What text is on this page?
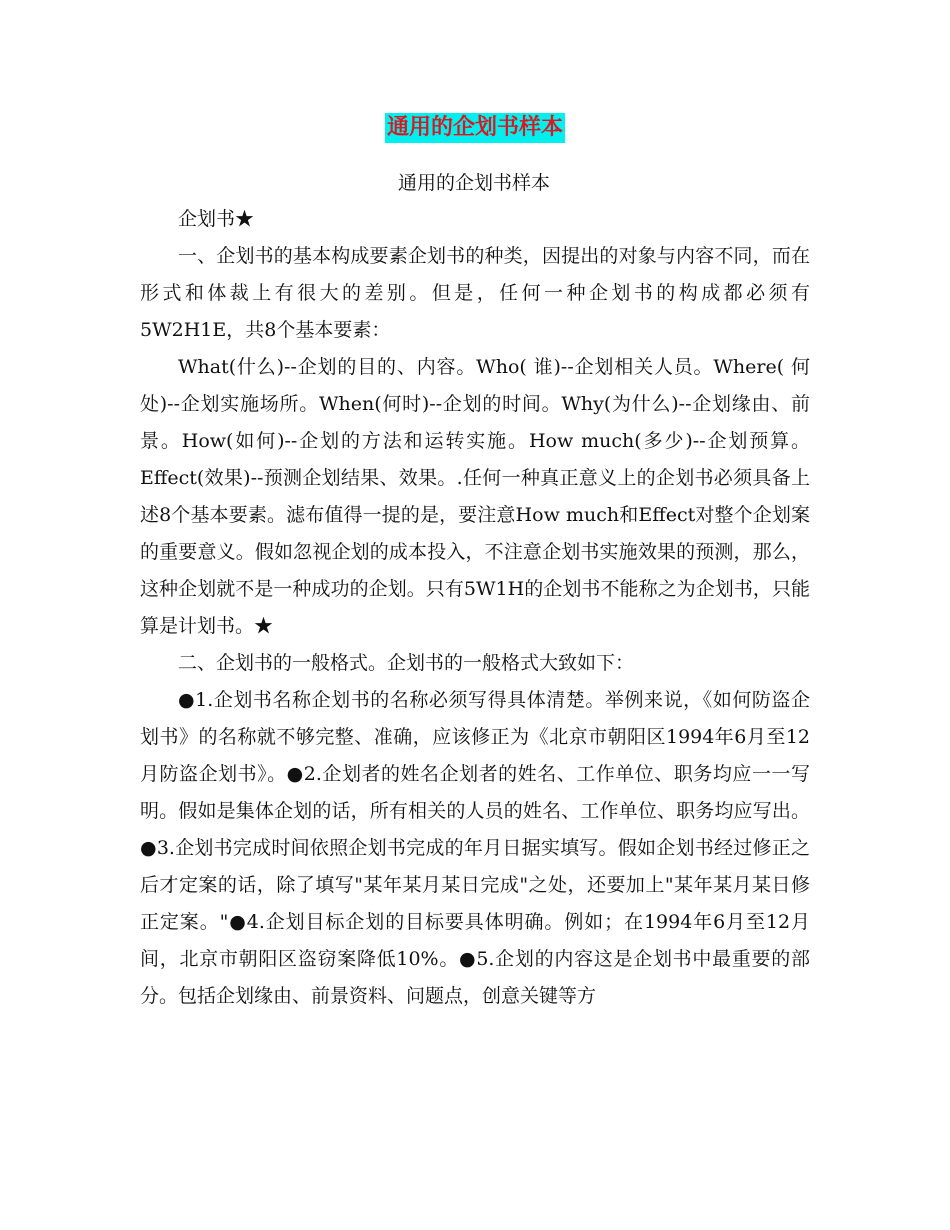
通用的企划书样本
通用的企划书样本

企划书★

一、企划书的基本构成要素企划书的种类，因提出的对象与内容不同，而在形式和体裁上有很大的差别。但是，任何一种企划书的构成都必须有5W2H1E，共8个基本要素：

What(什么)--企划的目的、内容。Who( 谁)--企划相关人员。Where( 何处)--企划实施场所。When(何时)--企划的时间。Why(为什么)--企划缘由、前景。How(如何)--企划的方法和运转实施。How much(多少)--企划预算。Effect(效果)--预测企划结果、效果。.任何一种真正意义上的企划书必须具备上述8个基本要素。滤布值得一提的是，要注意How much和Effect对整个企划案的重要意义。假如忽视企划的成本投入，不注意企划书实施效果的预测，那么，这种企划就不是一种成功的企划。只有5W1H的企划书不能称之为企划书，只能算是计划书。★

二、企划书的一般格式。企划书的一般格式大致如下：

●1.企划书名称企划书的名称必须写得具体清楚。举例来说，《如何防盗企划书》的名称就不够完整、准确，应该修正为《北京市朝阳区1994年6月至12月防盗企划书》。●2.企划者的姓名企划者的姓名、工作单位、职务均应一一写明。假如是集体企划的话，所有相关的人员的姓名、工作单位、职务均应写出。●3.企划书完成时间依照企划书完成的年月日据实填写。假如企划书经过修正之后才定案的话，除了填写"某年某月某日完成"之处，还要加上"某年某月某日修正定案。"●4.企划目标企划的目标要具体明确。例如；在1994年6月至12月间，北京市朝阳区盗窃案降低10%。●5.企划的内容这是企划书中最重要的部分。包括企划缘由、前景资料、问题点，创意关键等方
